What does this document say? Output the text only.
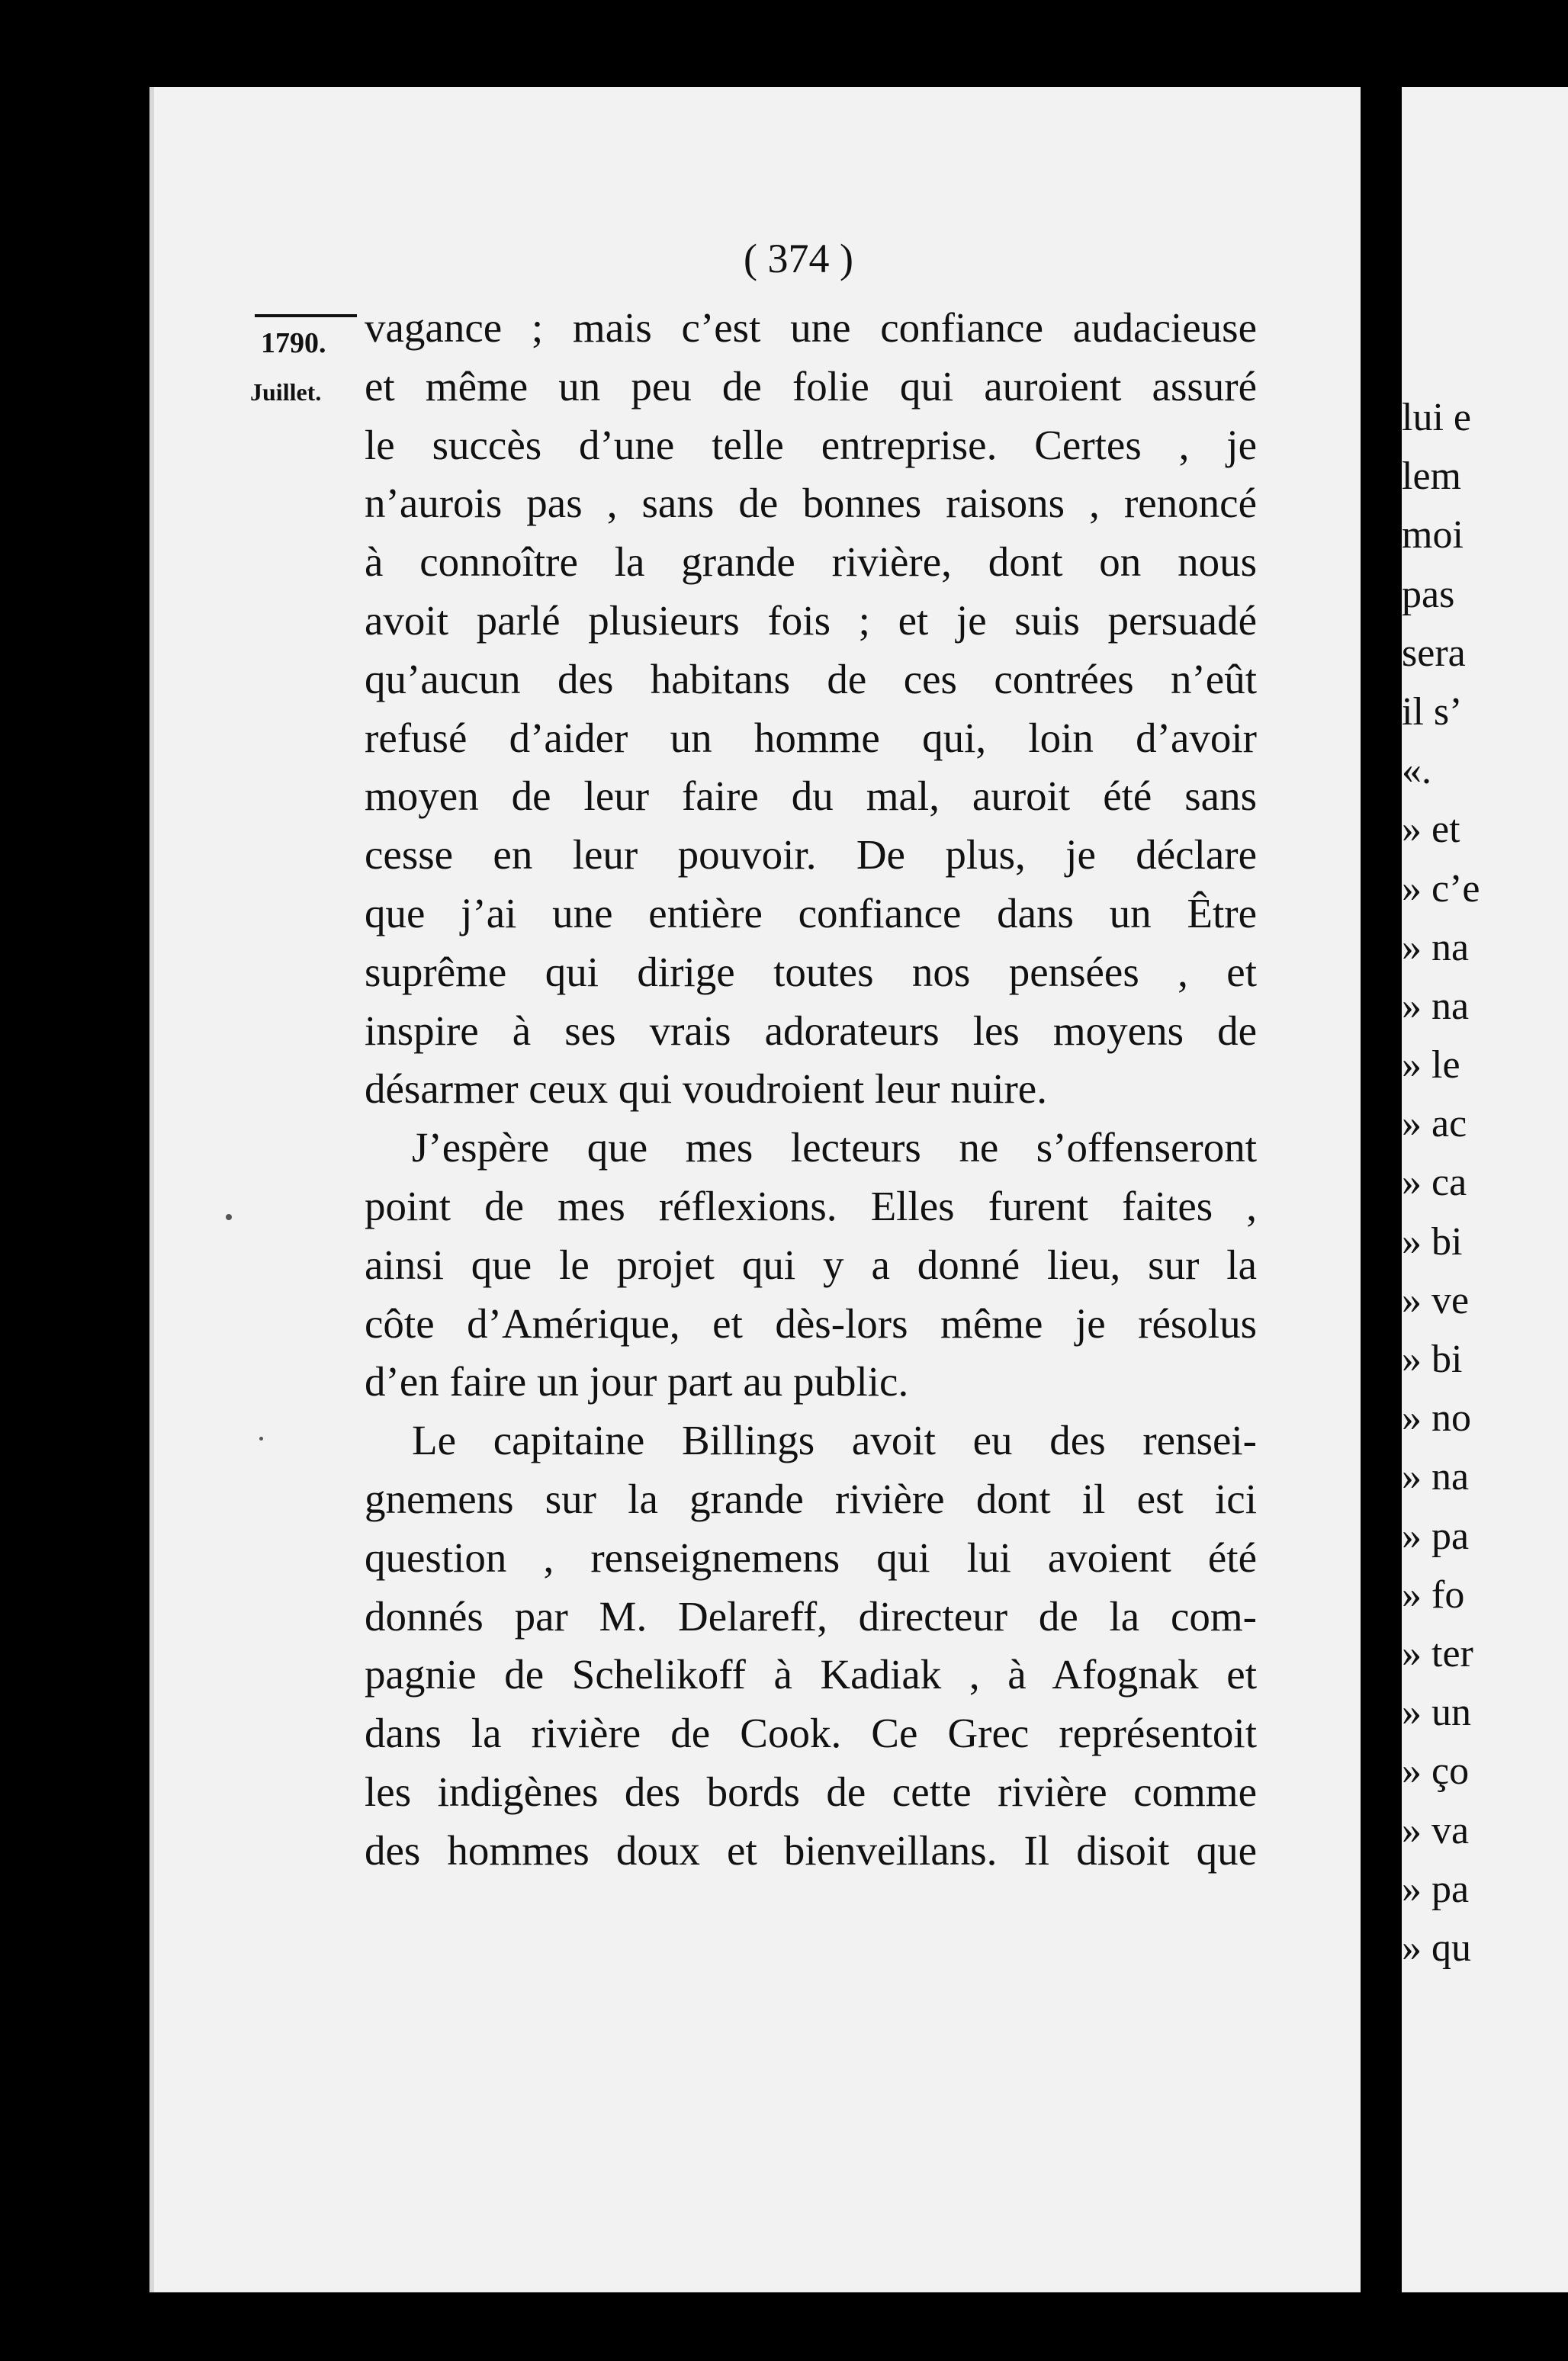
lui e
lem
moi
pas
sera
il s’
«.
» et
» c’e
» na
» na
» le
» ac
» ca
» bi
» ve
» bi
» no
» na
» pa
» fo
» ter
» un
» ço
» va
» pa
» qu
( 374 )
1790.
Juillet.
vagance ; mais c’est une confiance audacieuse
et même un peu de folie qui auroient assuré
le succès d’une telle entreprise. Certes , je
n’aurois pas , sans de bonnes raisons , renoncé
à connoître la grande rivière, dont on nous
avoit parlé plusieurs fois ; et je suis persuadé
qu’aucun des habitans de ces contrées n’eût
refusé d’aider un homme qui, loin d’avoir
moyen de leur faire du mal, auroit été sans
cesse en leur pouvoir. De plus, je déclare
que j’ai une entière confiance dans un Être
suprême qui dirige toutes nos pensées , et
inspire à ses vrais adorateurs les moyens de
désarmer ceux qui voudroient leur nuire.
J’espère que mes lecteurs ne s’offenseront
point de mes réflexions. Elles furent faites ,
ainsi que le projet qui y a donné lieu, sur la
côte d’Amérique, et dès-lors même je résolus
d’en faire un jour part au public.
Le capitaine Billings avoit eu des rensei-
gnemens sur la grande rivière dont il est ici
question , renseignemens qui lui avoient été
donnés par M. Delareff, directeur de la com-
pagnie de Schelikoff à Kadiak , à Afognak et
dans la rivière de Cook. Ce Grec représentoit
les indigènes des bords de cette rivière comme
des hommes doux et bienveillans. Il disoit que
